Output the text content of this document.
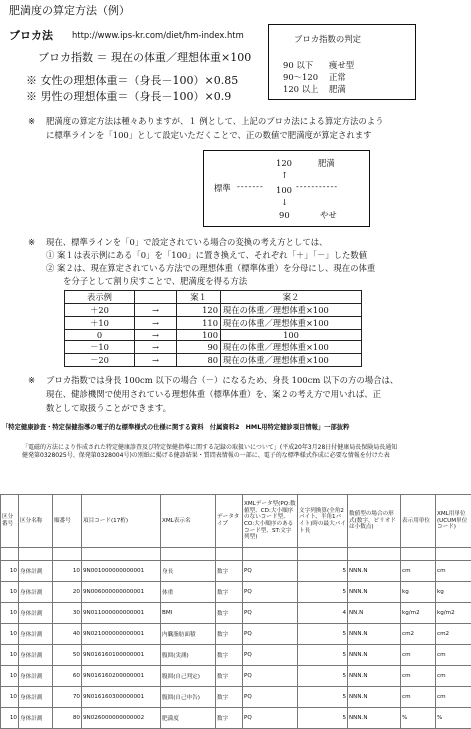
肥満度の算定方法（例）
ブロカ法 http://www.ips-kr.com/diet/hm-index.htm
ブロカ指数 ＝ 現在の体重／理想体重×100
※ 女性の理想体重＝（身長－100）×0.85
※ 男性の理想体重＝（身長－100）×0.9
ブロカ指数の判定
90 以下 痩せ型
90～120 正常
120 以上 肥満
※ 肥満度の算定方法は種々ありますが、１ 例として、上記のブロカ法による算定方法のよう
に標準ラインを「100」として設定いただくことで、正の数値で肥満度が算定されます
120	肥満
↑
標準 ------- 100 -----------
↓
90	やせ
※ 現在、標準ラインを「0」で設定されている場合の変換の考え方としては、
① 案１は表示例にある「0」を「100」に置き換えて、それぞれ「＋」「－」した数値
② 案２は、現在算定されている方法での理想体重（標準体重）を分母にし、現在の体重
を分子として割り戻すことで、肥満度を得る方法
表示例		案１	案２
＋20	→	120	現在の体重／理想体重×100
＋10	→	110	現在の体重／理想体重×100
0	→	100	100
－10	→	90	現在の体重／理想体重×100
－20	→	80	現在の体重／理想体重×100
※ ブロカ指数では身長 100cm 以下の場合（－）になるため、身長 100cm 以下の方の場合は、
現在、健診機関で使用されている理想体重（標準体重）を、案２の考え方で用いれば、正
数として取扱うことができます。
「特定健康診査・特定保健指導の電子的な標準様式の仕様に関する資料　付属資料2　HML用特定健診項目情報」一部抜粋
「電磁的方法により作成された特定健康診査及び特定保健指導に関する記録の取扱いについて」(平成20年3月28日付健康局長保険局長通知
健発第0328025号、保発第0328004号)の別紙に掲げる健診結果・質問表情報の一部に、電子的な標準様式作成に必要な情報を付けた表
区分番号	区分名称	順番号	項目コード(17桁)	XML表示名	データタイプ	XMLデータ型(PQ:数値型、CD:大小順序のないコード型、CO:大小順序のあるコード型、ST:文字列型)	文字列換算(全角2バイト、半角1バイト)時の最大バイト長	数値型の場合の形式(数字、ピリオドは小数点)	表示用単位	XML用単位(UCUM単位コード)

10	身体計測	10	9N001000000000001	身長	数字	PQ	5	NNN.N	cm	cm
10	身体計測	20	9N006000000000001	体重	数字	PQ	5	NNN.N	kg	kg
10	身体計測	30	9N011000000000001	BMI	数字	PQ	4	NN.N	kg/m2	kg/m2
10	身体計測	40	9N021000000000001	内臓脂肪面積	数字	PQ	5	NNN.N	cm2	cm2
10	身体計測	50	9N016160100000001	腹囲(実測)	数字	PQ	5	NNN.N	cm	cm
10	身体計測	60	9N016160200000001	腹囲(自己判定)	数字	PQ	5	NNN.N	cm	cm
10	身体計測	70	9N016160300000001	腹囲(自己申告)	数字	PQ	5	NNN.N	cm	cm
10	身体計測	80	9N026000000000002	肥満度	数字	PQ	5	NNN.N	%	%
